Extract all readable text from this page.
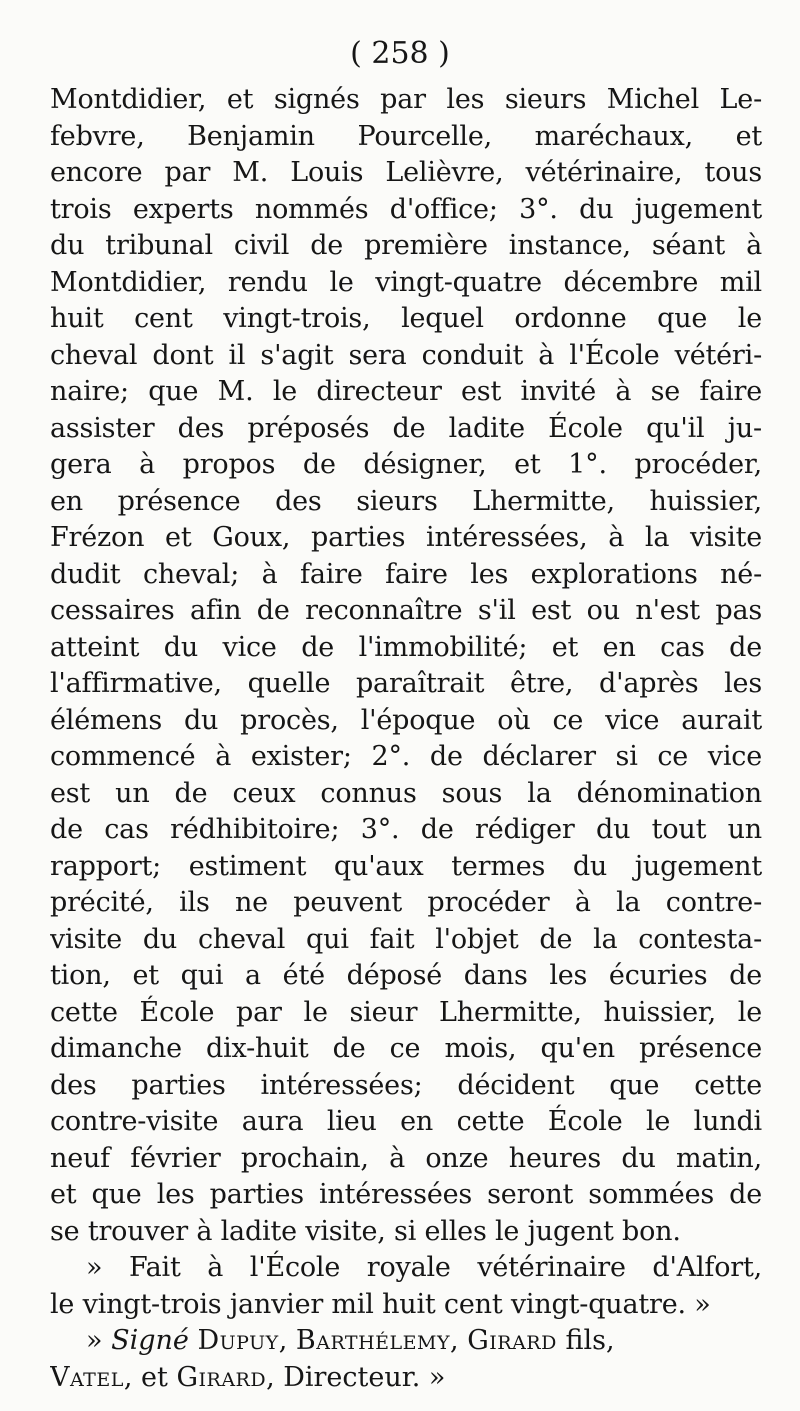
( 258 )
Montdidier, et signés par les sieurs Michel Le-
febvre, Benjamin Pourcelle, maréchaux, et
encore par M. Louis Lelièvre, vétérinaire, tous
trois experts nommés d'office; 3°. du jugement
du tribunal civil de première instance, séant à
Montdidier, rendu le vingt-quatre décembre mil
huit cent vingt-trois, lequel ordonne que le
cheval dont il s'agit sera conduit à l'École vétéri-
naire; que M. le directeur est invité à se faire
assister des préposés de ladite École qu'il ju-
gera à propos de désigner, et 1°. procéder,
en présence des sieurs Lhermitte, huissier,
Frézon et Goux, parties intéressées, à la visite
dudit cheval; à faire faire les explorations né-
cessaires afin de reconnaître s'il est ou n'est pas
atteint du vice de l'immobilité; et en cas de
l'affirmative, quelle paraîtrait être, d'après les
élémens du procès, l'époque où ce vice aurait
commencé à exister; 2°. de déclarer si ce vice
est un de ceux connus sous la dénomination
de cas rédhibitoire; 3°. de rédiger du tout un
rapport; estiment qu'aux termes du jugement
précité, ils ne peuvent procéder à la contre-
visite du cheval qui fait l'objet de la contesta-
tion, et qui a été déposé dans les écuries de
cette École par le sieur Lhermitte, huissier, le
dimanche dix-huit de ce mois, qu'en présence
des parties intéressées; décident que cette
contre-visite aura lieu en cette École le lundi
neuf février prochain, à onze heures du matin,
et que les parties intéressées seront sommées de
se trouver à ladite visite, si elles le jugent bon.
» Fait à l'École royale vétérinaire d'Alfort,
le vingt-trois janvier mil huit cent vingt-quatre. »
» Signé Dupuy, Barthélemy, Girard fils,
Vatel, et Girard, Directeur. »
